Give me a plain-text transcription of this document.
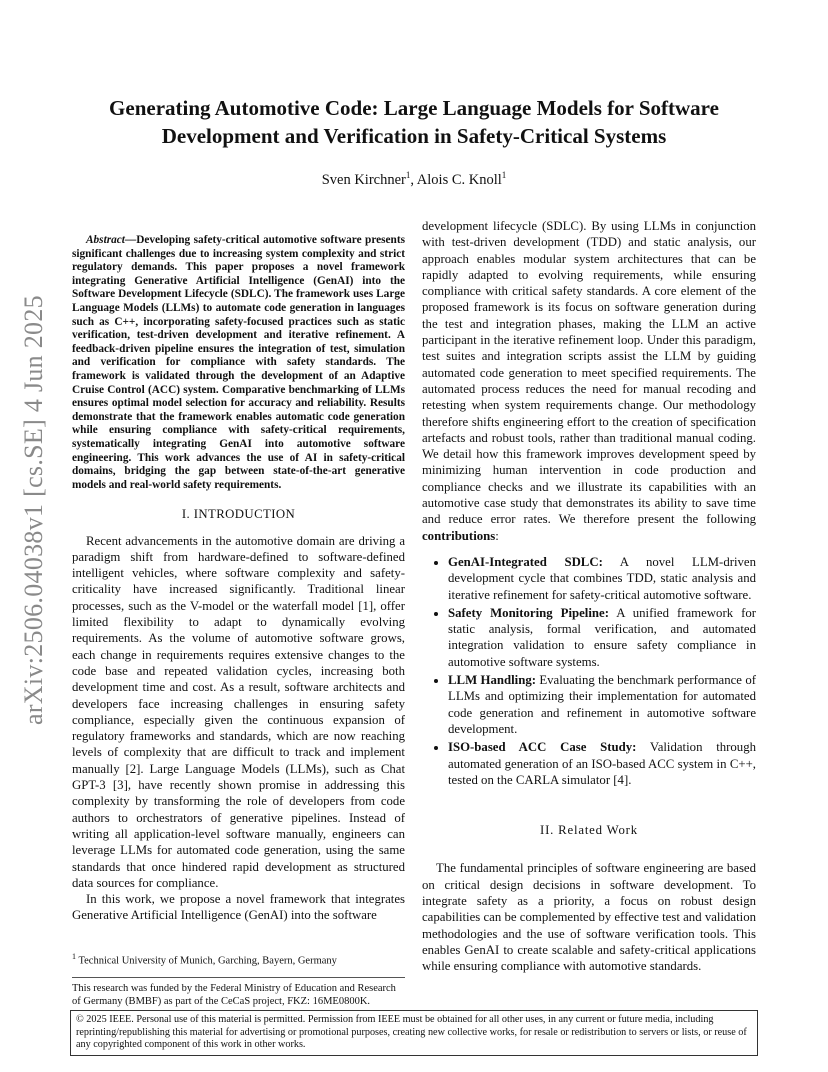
arXiv:2506.04038v1 [cs.SE] 4 Jun 2025
Generating Automotive Code: Large Language Models for Software Development and Verification in Safety-Critical Systems
Sven Kirchner$^1$, Alois C. Knoll$^1$

Abstract—Developing safety-critical automotive software presents significant challenges due to increasing system complexity and strict regulatory demands. This paper proposes a novel framework integrating Generative Artificial Intelligence (GenAI) into the Software Development Lifecycle (SDLC). The framework uses Large Language Models (LLMs) to automate code generation in languages such as C++, incorporating safety-focused practices such as static verification, test-driven development and iterative refinement. A feedback-driven pipeline ensures the integration of test, simulation and verification for compliance with safety standards. The framework is validated through the development of an Adaptive Cruise Control (ACC) system. Comparative benchmarking of LLMs ensures optimal model selection for accuracy and reliability. Results demonstrate that the framework enables automatic code generation while ensuring compliance with safety-critical requirements, systematically integrating GenAI into automotive software engineering. This work advances the use of AI in safety-critical domains, bridging the gap between state-of-the-art generative models and real-world safety requirements.

I. INTRODUCTION

Recent advancements in the automotive domain are driving a paradigm shift from hardware-defined to software-defined intelligent vehicles, where software complexity and safety-criticality have increased significantly. Traditional linear processes, such as the V-model or the waterfall model [1], offer limited flexibility to adapt to dynamically evolving requirements. As the volume of automotive software grows, each change in requirements requires extensive changes to the code base and repeated validation cycles, increasing both development time and cost. As a result, software architects and developers face increasing challenges in ensuring safety compliance, especially given the continuous expansion of regulatory frameworks and standards, which are now reaching levels of complexity that are difficult to track and implement manually [2]. Large Language Models (LLMs), such as Chat GPT-3 [3], have recently shown promise in addressing this complexity by transforming the role of developers from code authors to orchestrators of generative pipelines. Instead of writing all application-level software manually, engineers can leverage LLMs for automated code generation, using the same standards that once hindered rapid development as structured data sources for compliance.

In this work, we propose a novel framework that integrates Generative Artificial Intelligence (GenAI) into the software

$^1$ Technical University of Munich, Garching, Bayern, Germany
This research was funded by the Federal Ministry of Education and Research of Germany (BMBF) as part of the CeCaS project, FKZ: 16ME0800K.

development lifecycle (SDLC). By using LLMs in conjunction with test-driven development (TDD) and static analysis, our approach enables modular system architectures that can be rapidly adapted to evolving requirements, while ensuring compliance with critical safety standards. A core element of the proposed framework is its focus on software generation during the test and integration phases, making the LLM an active participant in the iterative refinement loop. Under this paradigm, test suites and integration scripts assist the LLM by guiding automated code generation to meet specified requirements. The automated process reduces the need for manual recoding and retesting when system requirements change. Our methodology therefore shifts engineering effort to the creation of specification artefacts and robust tools, rather than traditional manual coding. We detail how this framework improves development speed by minimizing human intervention in code production and compliance checks and we illustrate its capabilities with an automotive case study that demonstrates its ability to save time and reduce error rates. We therefore present the following contributions:

• GenAI-Integrated SDLC: A novel LLM-driven development cycle that combines TDD, static analysis and iterative refinement for safety-critical automotive software.
• Safety Monitoring Pipeline: A unified framework for static analysis, formal verification, and automated integration validation to ensure safety compliance in automotive software systems.
• LLM Handling: Evaluating the benchmark performance of LLMs and optimizing their implementation for automated code generation and refinement in automotive software development.
• ISO-based ACC Case Study: Validation through automated generation of an ISO-based ACC system in C++, tested on the CARLA simulator [4].
II. Related Work

The fundamental principles of software engineering are based on critical design decisions in software development. To integrate safety as a priority, a focus on robust design capabilities can be complemented by effective test and validation methodologies and the use of software verification tools. This enables GenAI to create scalable and safety-critical applications while ensuring compliance with automotive standards.

© 2025 IEEE. Personal use of this material is permitted. Permission from IEEE must be obtained for all other uses, in any current or future media, including reprinting/republishing this material for advertising or promotional purposes, creating new collective works, for resale or redistribution to servers or lists, or reuse of any copyrighted component of this work in other works.
